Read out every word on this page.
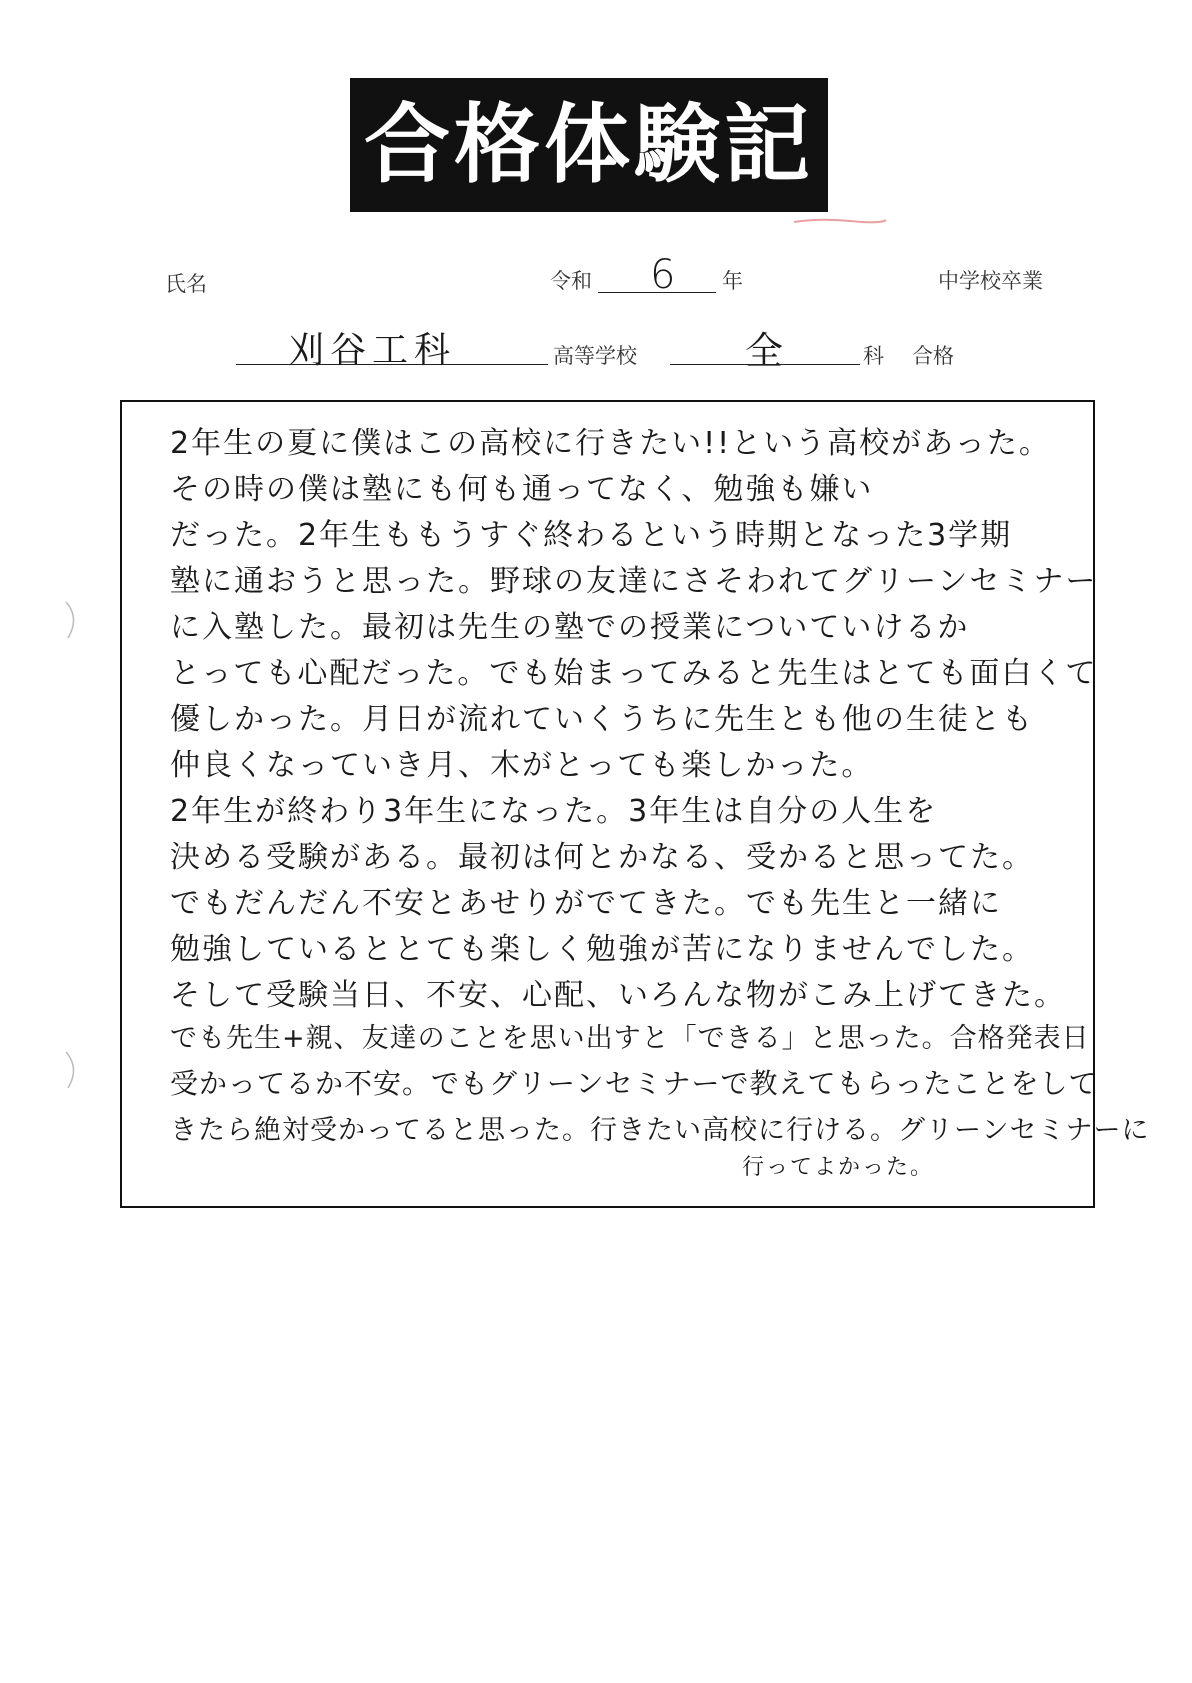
合格体験記
氏名	令和 6 年	中学校卒業
刈谷工科	高等学校	全	科 合格
2年生の夏に僕はこの高校に行きたい!!という高校があった。
その時の僕は塾にも何も通ってなく、勉強も嫌い
だった。2年生ももうすぐ終わるという時期となった3学期
塾に通おうと思った。野球の友達にさそわれてグリーンセミナー
に入塾した。最初は先生の塾での授業についていけるか
とっても心配だった。でも始まってみると先生はとても面白くて
優しかった。月日が流れていくうちに先生とも他の生徒とも
仲良くなっていき月、木がとっても楽しかった。
2年生が終わり3年生になった。3年生は自分の人生を
決める受験がある。最初は何とかなる、受かると思ってた。
でもだんだん不安とあせりがでてきた。でも先生と一緒に
勉強しているととても楽しく勉強が苦になりませんでした。
そして受験当日、不安、心配、いろんな物がこみ上げてきた。
でも先生+親、友達のことを思い出すと「できる」と思った。合格発表日
受かってるか不安。でもグリーンセミナーで教えてもらったことをして
きたら絶対受かってると思った。行きたい高校に行ける。グリーンセミナーに
行ってよかった。
